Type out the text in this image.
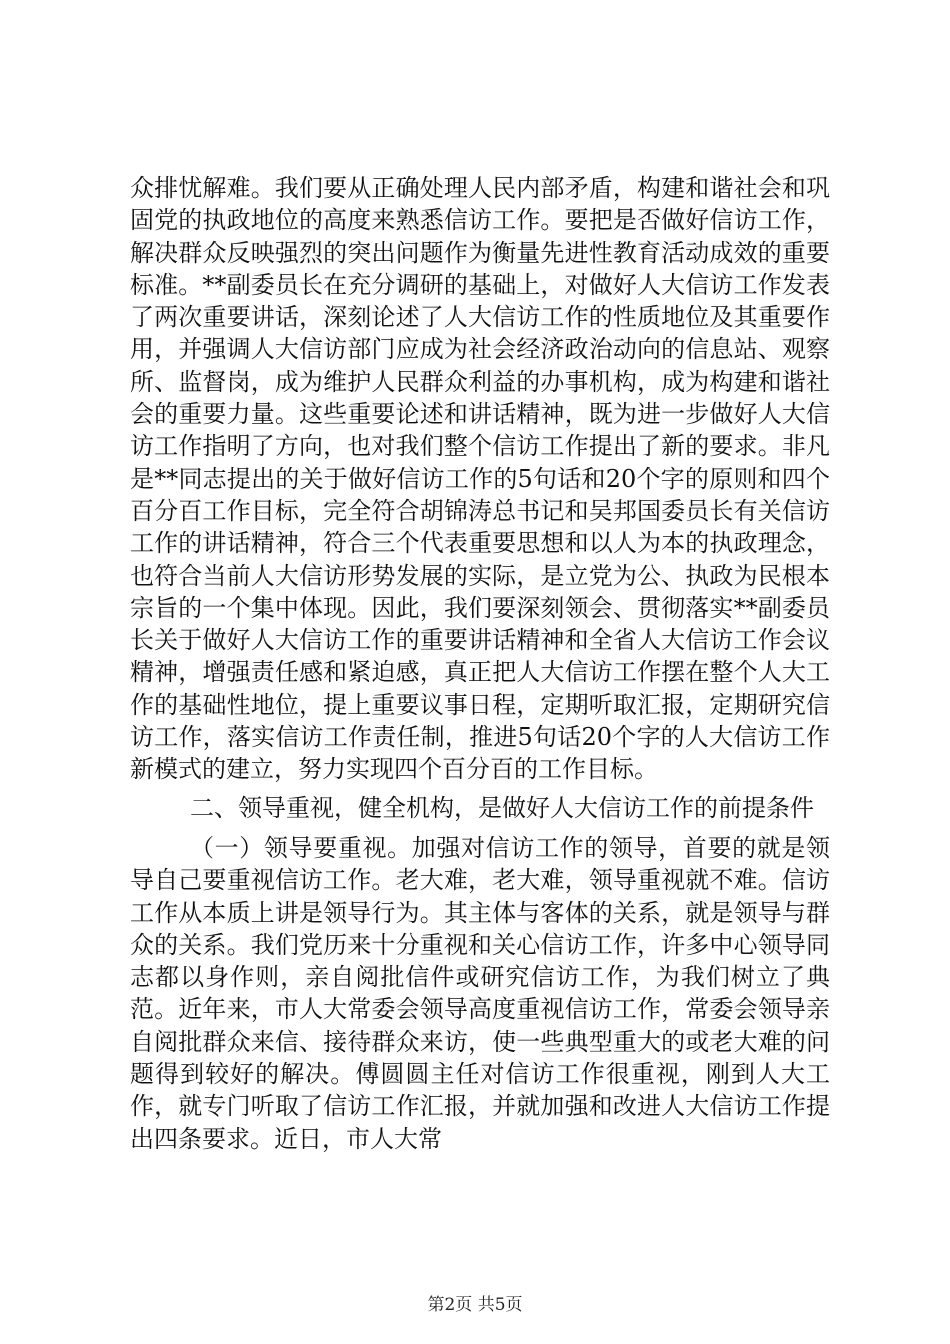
众排忧解难。我们要从正确处理人民内部矛盾，构建和谐社会和巩固党的执政地位的高度来熟悉信访工作。要把是否做好信访工作，解决群众反映强烈的突出问题作为衡量先进性教育活动成效的重要标准。**副委员长在充分调研的基础上，对做好人大信访工作发表了两次重要讲话，深刻论述了人大信访工作的性质地位及其重要作用，并强调人大信访部门应成为社会经济政治动向的信息站、观察所、监督岗，成为维护人民群众利益的办事机构，成为构建和谐社会的重要力量。这些重要论述和讲话精神，既为进一步做好人大信访工作指明了方向，也对我们整个信访工作提出了新的要求。非凡是**同志提出的关于做好信访工作的5句话和20个字的原则和四个百分百工作目标，完全符合胡锦涛总书记和吴邦国委员长有关信访工作的讲话精神，符合三个代表重要思想和以人为本的执政理念，也符合当前人大信访形势发展的实际，是立党为公、执政为民根本宗旨的一个集中体现。因此，我们要深刻领会、贯彻落实**副委员长关于做好人大信访工作的重要讲话精神和全省人大信访工作会议精神，增强责任感和紧迫感，真正把人大信访工作摆在整个人大工作的基础性地位，提上重要议事日程，定期听取汇报，定期研究信访工作，落实信访工作责任制，推进5句话20个字的人大信访工作新模式的建立，努力实现四个百分百的工作目标。

二、领导重视，健全机构，是做好人大信访工作的前提条件

（一）领导要重视。加强对信访工作的领导，首要的就是领导自己要重视信访工作。老大难，老大难，领导重视就不难。信访工作从本质上讲是领导行为。其主体与客体的关系，就是领导与群众的关系。我们党历来十分重视和关心信访工作，许多中心领导同志都以身作则，亲自阅批信件或研究信访工作，为我们树立了典范。近年来，市人大常委会领导高度重视信访工作，常委会领导亲自阅批群众来信、接待群众来访，使一些典型重大的或老大难的问题得到较好的解决。傅圆圆主任对信访工作很重视，刚到人大工作，就专门听取了信访工作汇报，并就加强和改进人大信访工作提出四条要求。近日，市人大常

第2页 共5页
